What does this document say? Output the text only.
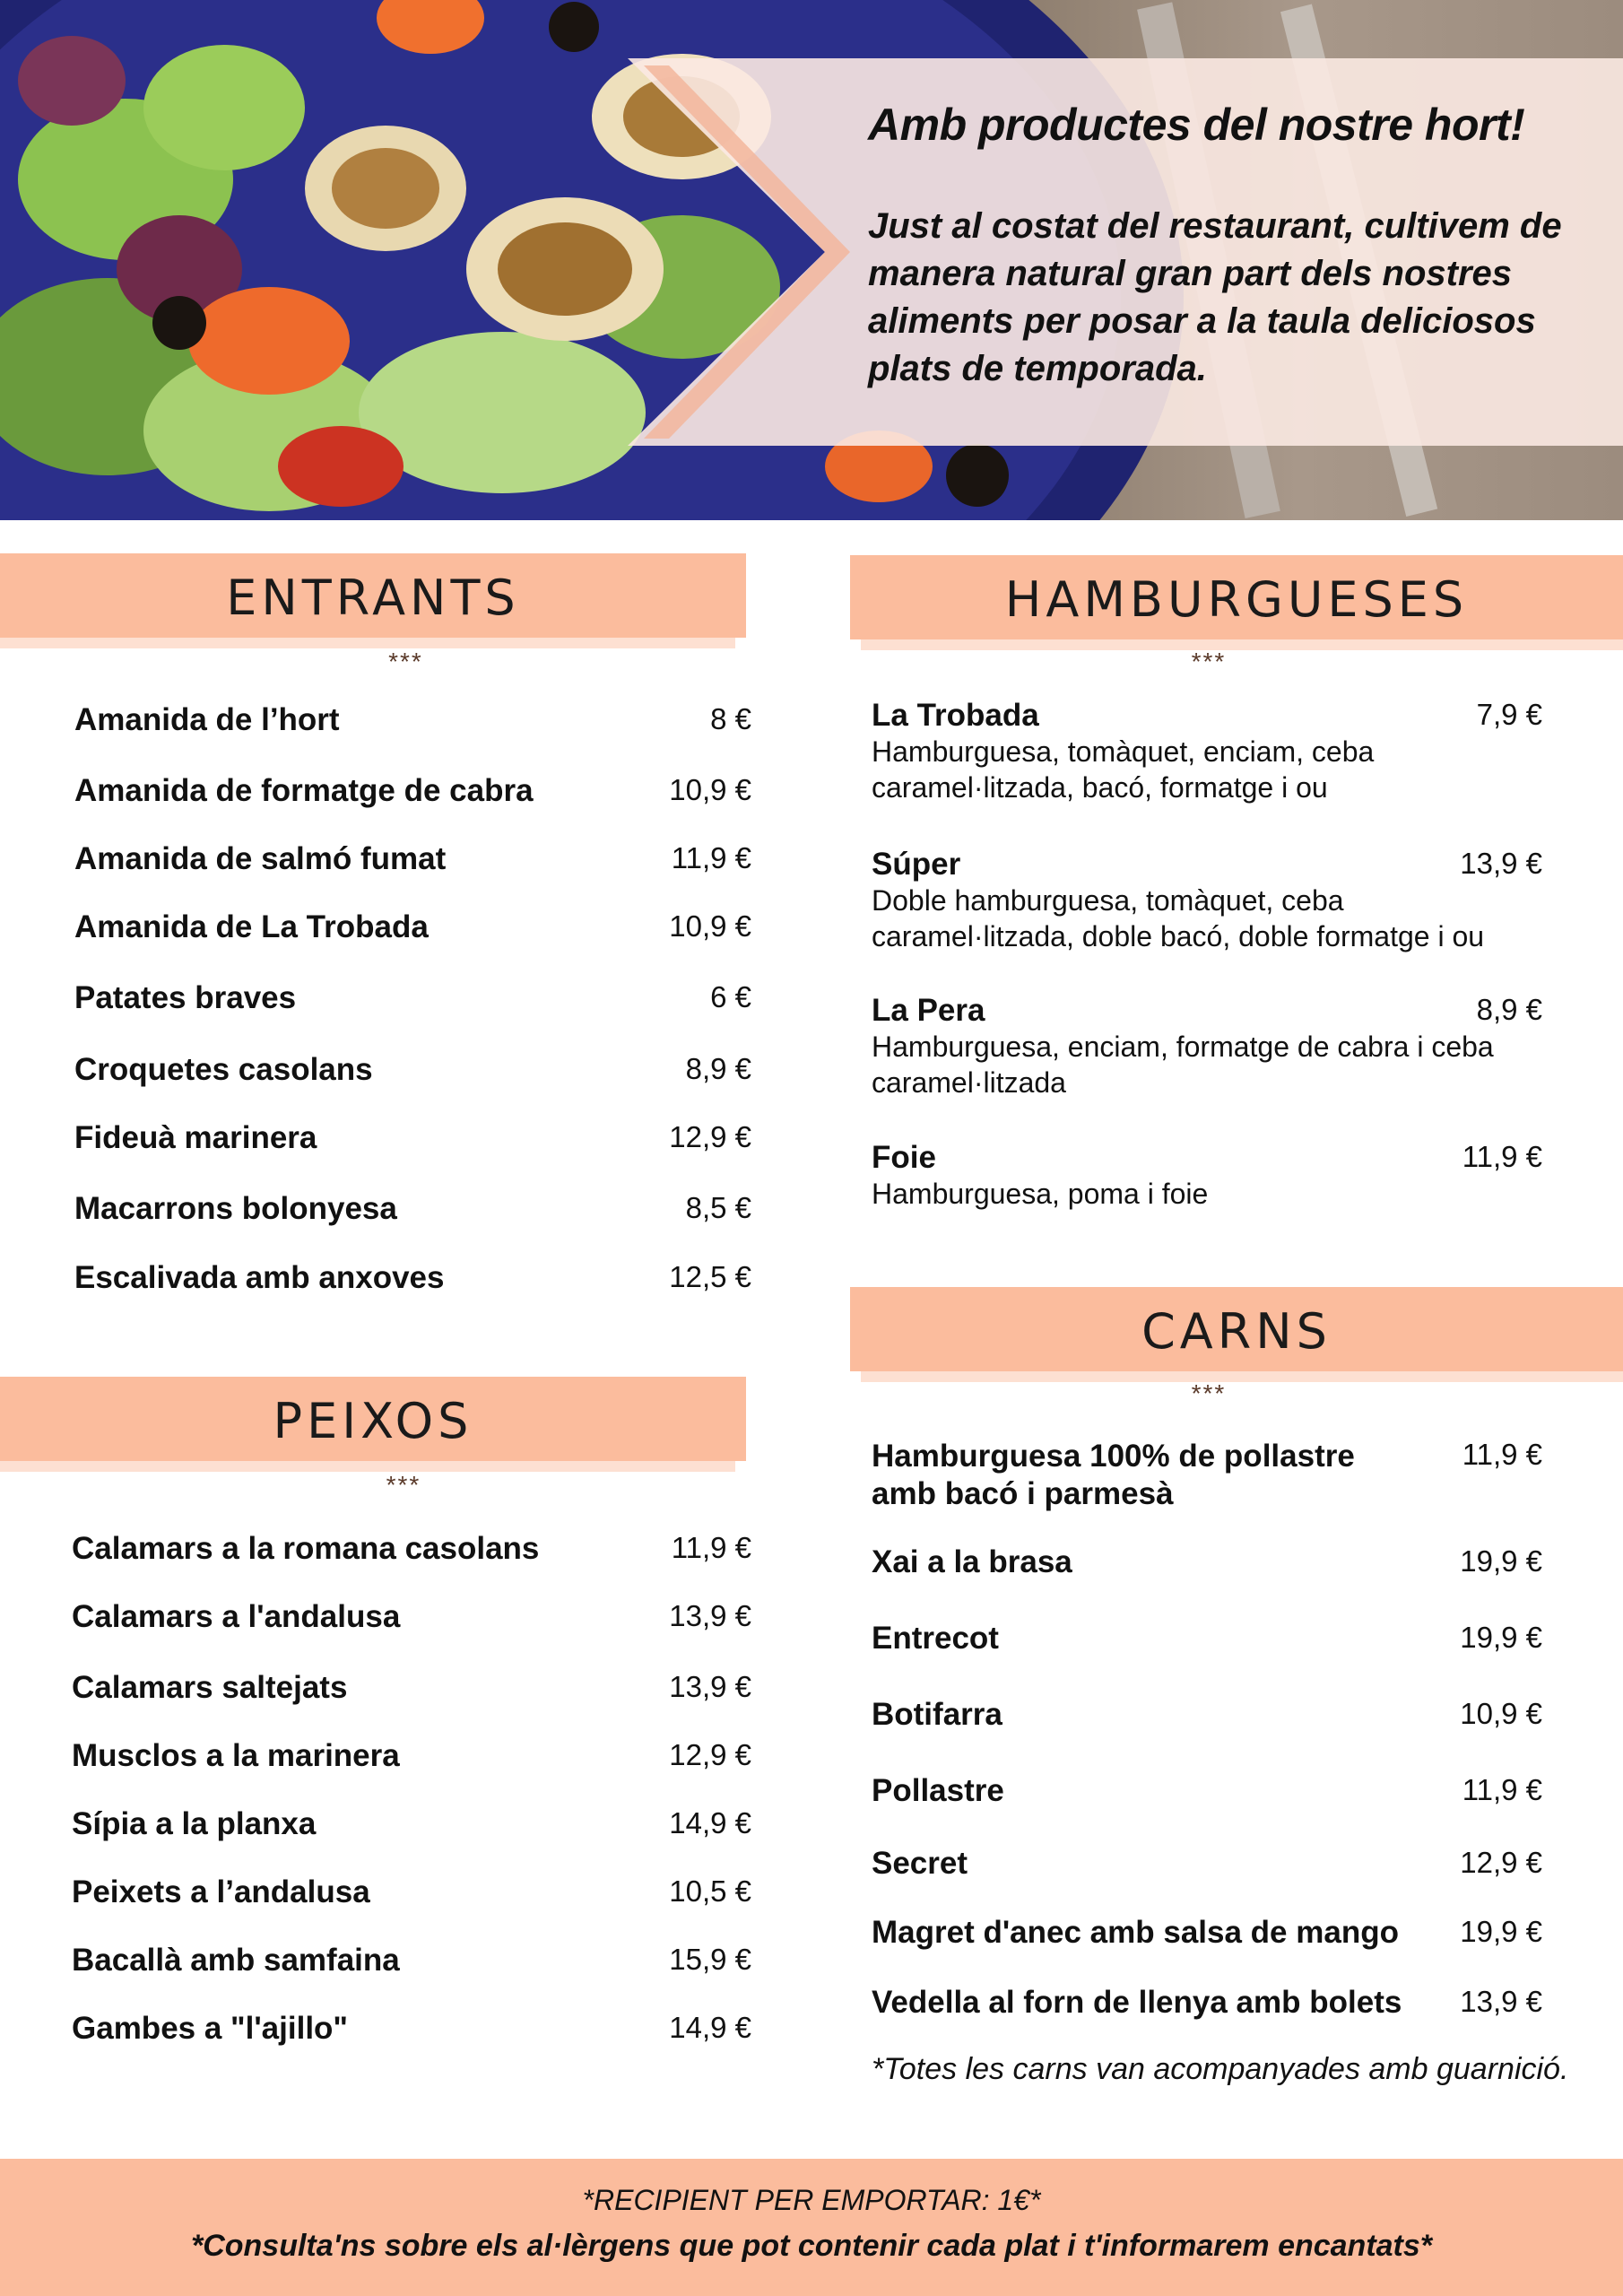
Amb productes del nostre hort!

Just al costat del restaurant, cultivem de manera natural gran part dels nostres aliments per posar a la taula deliciosos plats de temporada.

ENTRANTS
***
Amanida de l’hort	8 €
Amanida de formatge de cabra	10,9 €
Amanida de salmó fumat	11,9 €
Amanida de La Trobada	10,9 €
Patates braves	6 €
Croquetes casolans	8,9 €
Fideuà marinera	12,9 €
Macarrons bolonyesa	8,5 €
Escalivada amb anxoves	12,5 €
PEIXOS
***
Calamars a la romana casolans	11,9 €
Calamars a l'andalusa	13,9 €
Calamars saltejats	13,9 €
Musclos a la marinera	12,9 €
Sípia a la planxa	14,9 €
Peixets a l’andalusa	10,5 €
Bacallà amb samfaina	15,9 €
Gambes a "l'ajillo"	14,9 €
HAMBURGUESES
***
La Trobada	7,9 €
Hamburguesa, tomàquet, enciam, ceba caramel·litzada, bacó, formatge i ou
Súper	13,9 €
Doble hamburguesa, tomàquet, ceba caramel·litzada, doble bacó, doble formatge i ou
La Pera	8,9 €
Hamburguesa, enciam, formatge de cabra i ceba caramel·litzada
Foie	11,9 €
Hamburguesa, poma i foie
CARNS
***
Hamburguesa 100% de pollastre amb bacó i parmesà
11,9 €
Xai a la brasa	19,9 €
Entrecot	19,9 €
Botifarra	10,9 €
Pollastre	11,9 €
Secret	12,9 €
Magret d'anec amb salsa de mango 19,9 €
Vedella al forn de llenya amb bolets 13,9 €
*Totes les carns van acompanyades amb guarnició.
*RECIPIENT PER EMPORTAR: 1€*
*Consulta'ns sobre els al·lèrgens que pot contenir cada plat i t'informarem encantats*
